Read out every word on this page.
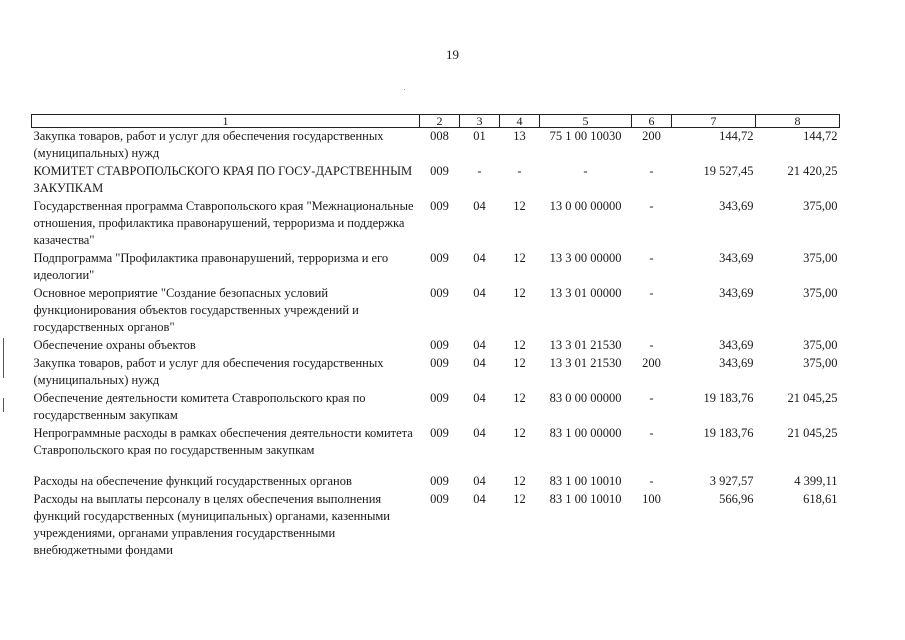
19
1	2	3	4	5	6	7	8
Закупка товаров, работ и услуг для обеспечения государственных (муниципальных) нужд	008	01	13	75 1 00 10030	200	144,72	144,72
КОМИТЕТ СТАВРОПОЛЬСКОГО КРАЯ ПО ГОСУ-ДАРСТВЕННЫМ ЗАКУПКАМ	009	-	-	-	-	19 527,45	21 420,25
Государственная программа Ставропольского края "Межнациональные отношения, профилактика правонарушений, терроризма и поддержка казачества"	009	04	12	13 0 00 00000	-	343,69	375,00
Подпрограмма "Профилактика правонарушений, терроризма и его идеологии"	009	04	12	13 3 00 00000	-	343,69	375,00
Основное мероприятие "Создание безопасных условий функционирования объектов государственных учреждений и государственных органов"	009	04	12	13 3 01 00000	-	343,69	375,00
Обеспечение охраны объектов	009	04	12	13 3 01 21530	-	343,69	375,00
Закупка товаров, работ и услуг для обеспечения государственных (муниципальных) нужд	009	04	12	13 3 01 21530	200	343,69	375,00
Обеспечение деятельности комитета Ставропольского края по государственным закупкам	009	04	12	83 0 00 00000	-	19 183,76	21 045,25
Непрограммные расходы в рамках обеспечения деятельности комитета Ставропольского края по государственным закупкам	009	04	12	83 1 00 00000	-	19 183,76	21 045,25

Расходы на обеспечение функций государственных органов	009	04	12	83 1 00 10010	-	3 927,57	4 399,11
Расходы на выплаты персоналу в целях обеспечения выполнения функций государственных (муниципальных) органами, казенными учреждениями, органами управления государственными внебюджетными фондами	009	04	12	83 1 00 10010	100	566,96	618,61
